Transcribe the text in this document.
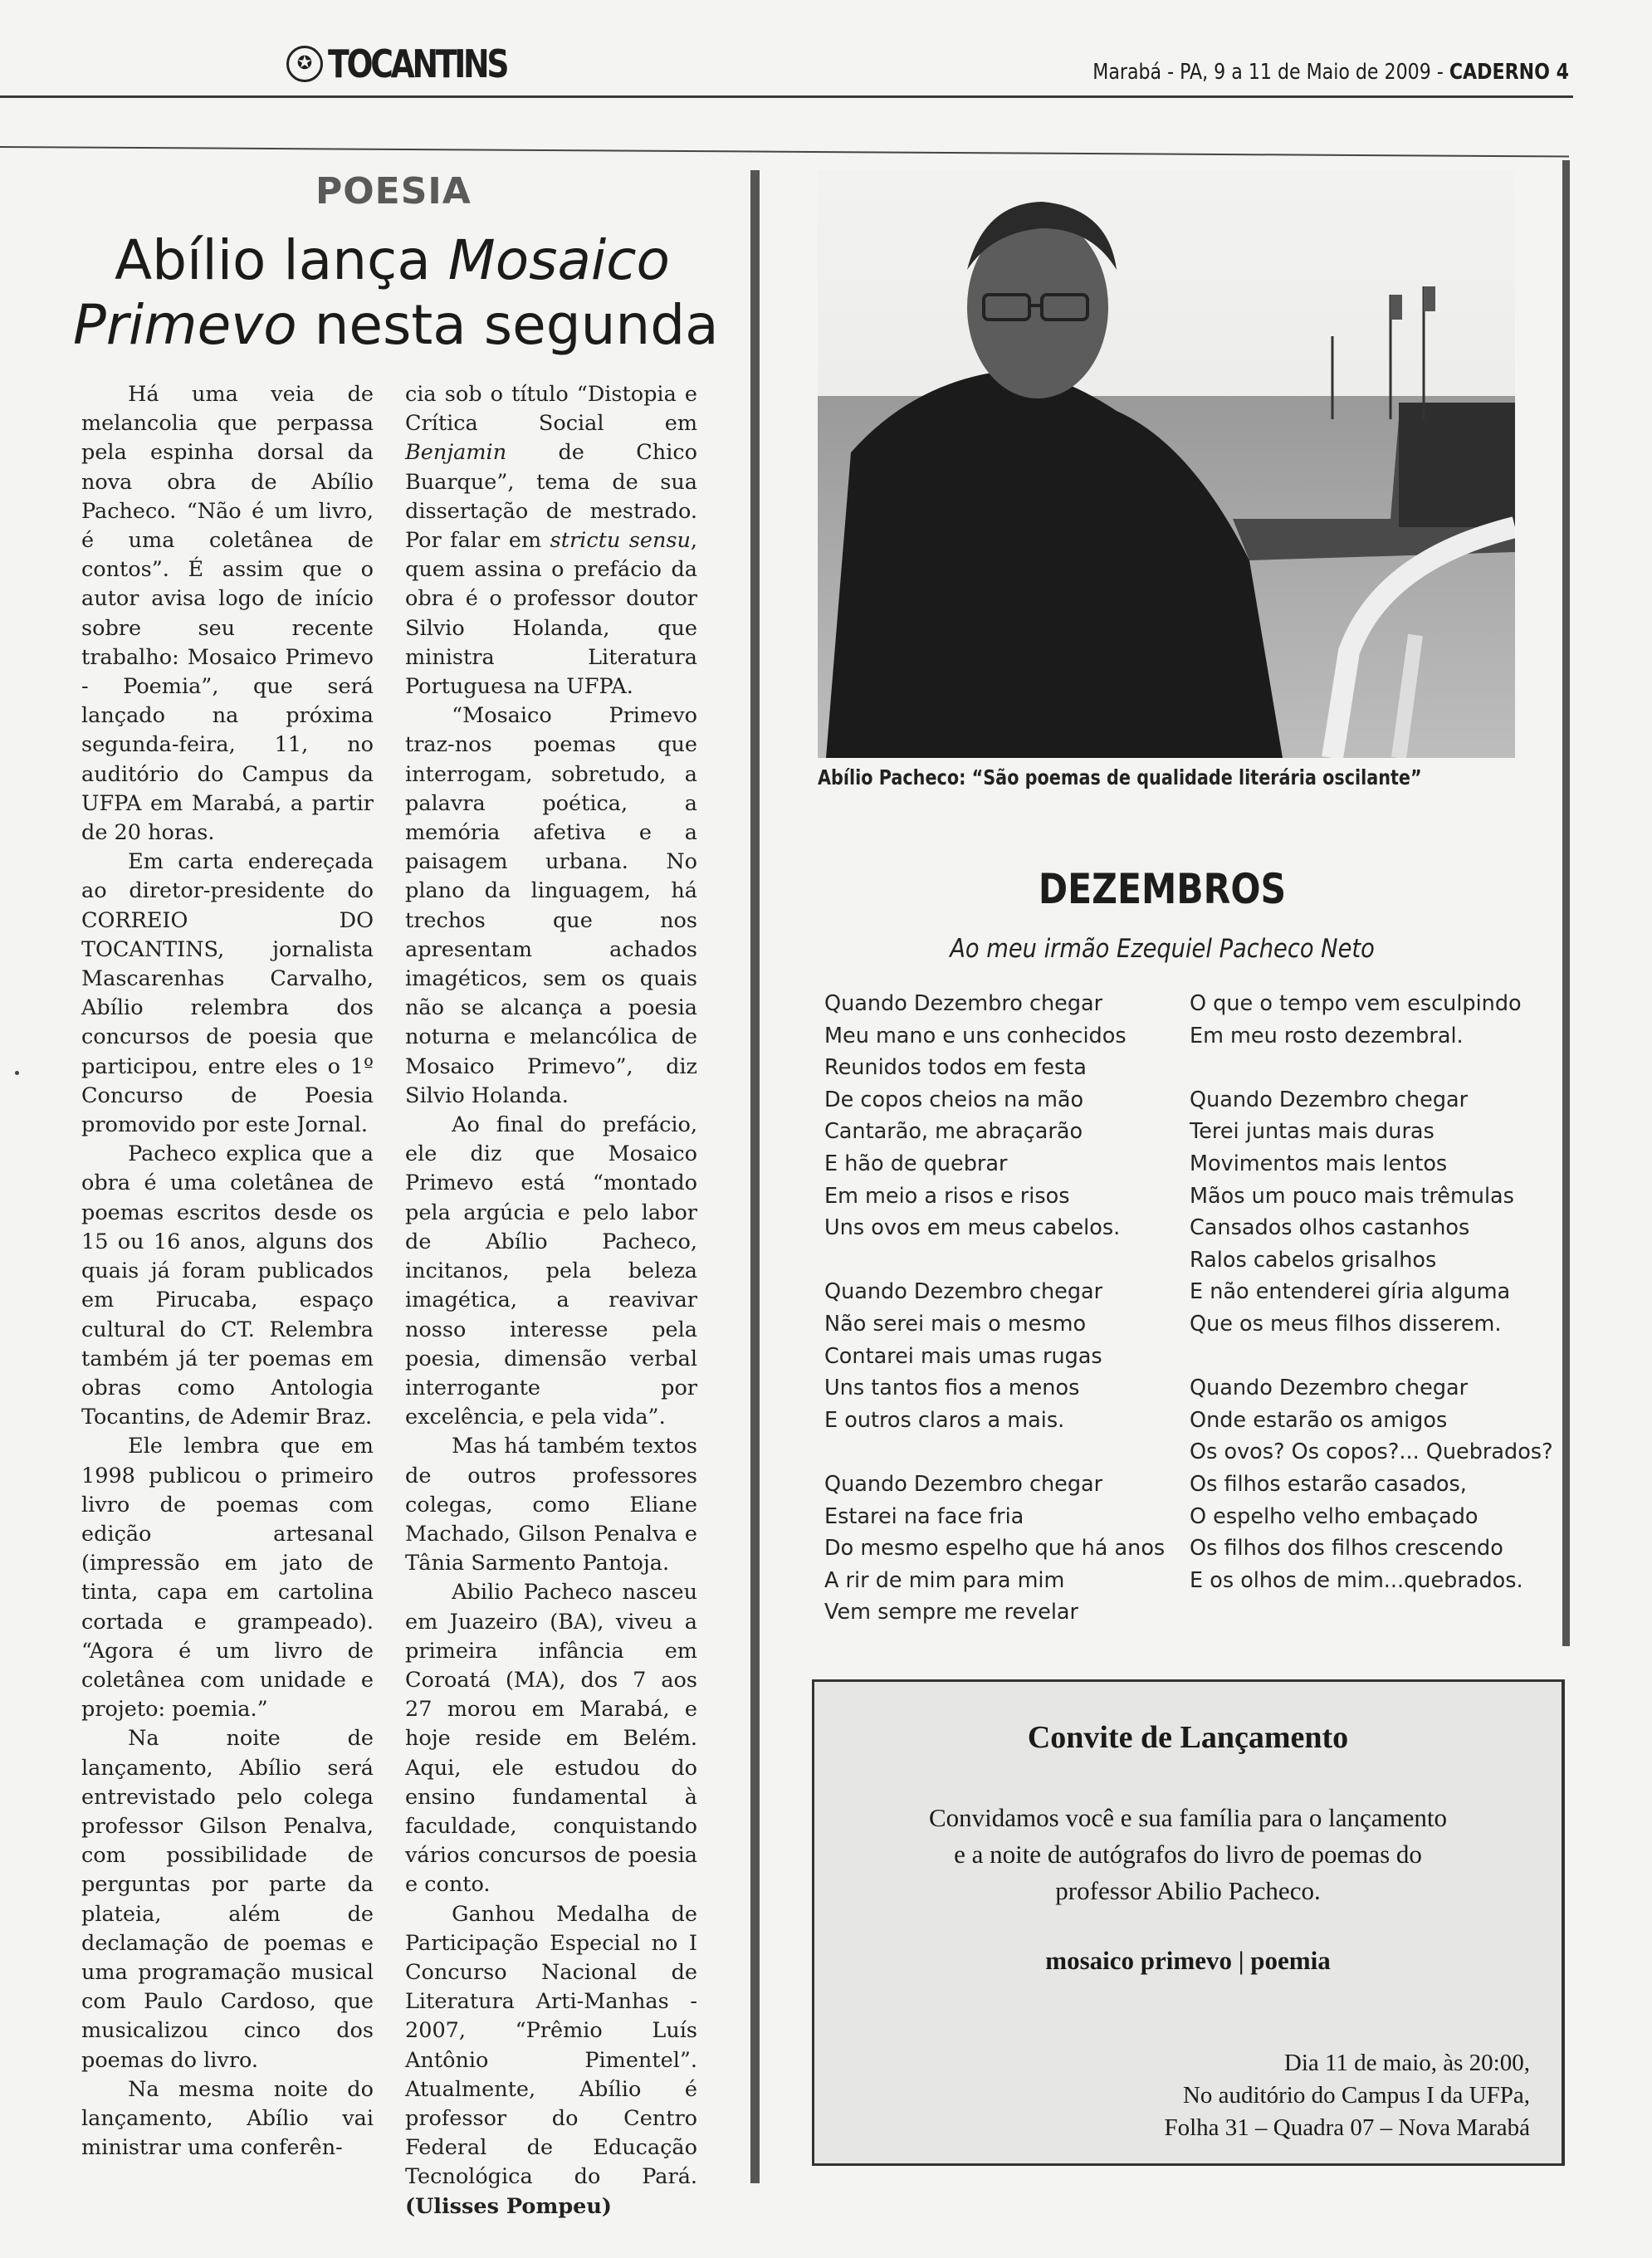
✪ TOCANTINS	Marabá - PA, 9 a 11 de Maio de 2009 - CADERNO 4
POESIA
Abílio lança Mosaico
Primevo nesta segunda

Há uma veia de melancolia que perpassa pela espinha dorsal da nova obra de Abílio Pacheco. “Não é um livro, é uma coletânea de contos”. É assim que o autor avisa logo de início sobre seu recente trabalho: Mosaico Primevo - Poemia”, que será lançado na próxima segunda-feira, 11, no auditório do Campus da UFPA em Marabá, a partir de 20 horas.

Em carta endereçada ao diretor-presidente do CORREIO DO TOCANTINS, jornalista Mascarenhas Carvalho, Abílio relembra dos concursos de poesia que participou, entre eles o 1º Concurso de Poesia promovido por este Jornal.

Pacheco explica que a obra é uma coletânea de poemas escritos desde os 15 ou 16 anos, alguns dos quais já foram publicados em Pirucaba, espaço cultural do CT. Relembra também já ter poemas em obras como Antologia Tocantins, de Ademir Braz.

Ele lembra que em 1998 publicou o primeiro livro de poemas com edição artesanal (impressão em jato de tinta, capa em cartolina cortada e grampeado). “Agora é um livro de coletânea com unidade e projeto: poemia.”

Na noite de lançamento, Abílio será entrevistado pelo colega professor Gilson Penalva, com possibilidade de perguntas por parte da plateia, além de declamação de poemas e uma programação musical com Paulo Cardoso, que musicalizou cinco dos poemas do livro.

Na mesma noite do lançamento, Abílio vai ministrar uma conferên-

cia sob o título “Distopia e Crítica Social em Benjamin de Chico Buarque”, tema de sua dissertação de mestrado. Por falar em strictu sensu, quem assina o prefácio da obra é o professor doutor Silvio Holanda, que ministra Literatura Portuguesa na UFPA.

“Mosaico Primevo traz-nos poemas que interrogam, sobretudo, a palavra poética, a memória afetiva e a paisagem urbana. No plano da linguagem, há trechos que nos apresentam achados imagéticos, sem os quais não se alcança a poesia noturna e melancólica de Mosaico Primevo”, diz Silvio Holanda.

Ao final do prefácio, ele diz que Mosaico Primevo está “montado pela argúcia e pelo labor de Abílio Pacheco, incitanos, pela beleza imagética, a reavivar nosso interesse pela poesia, dimensão verbal interrogante por excelência, e pela vida”.

Mas há também textos de outros professores colegas, como Eliane Machado, Gilson Penalva e Tânia Sarmento Pantoja.

Abilio Pacheco nasceu em Juazeiro (BA), viveu a primeira infância em Coroatá (MA), dos 7 aos 27 morou em Marabá, e hoje reside em Belém. Aqui, ele estudou do ensino fundamental à faculdade, conquistando vários concursos de poesia e conto.

Ganhou Medalha de Participação Especial no I Concurso Nacional de Literatura Arti-Manhas - 2007, “Prêmio Luís Antônio Pimentel”. Atualmente, Abílio é professor do Centro Federal de Educação Tecnológica do Pará. (Ulisses Pompeu)

Abílio Pacheco: “São poemas de qualidade literária oscilante”
DEZEMBROS
Ao meu irmão Ezequiel Pacheco Neto
Quando Dezembro chegar
Meu mano e uns conhecidos
Reunidos todos em festa
De copos cheios na mão
Cantarão, me abraçarão
E hão de quebrar
Em meio a risos e risos
Uns ovos em meus cabelos.
Quando Dezembro chegar
Não serei mais o mesmo
Contarei mais umas rugas
Uns tantos fios a menos
E outros claros a mais.
Quando Dezembro chegar
Estarei na face fria
Do mesmo espelho que há anos
A rir de mim para mim
Vem sempre me revelar
O que o tempo vem esculpindo
Em meu rosto dezembral.
Quando Dezembro chegar
Terei juntas mais duras
Movimentos mais lentos
Mãos um pouco mais trêmulas
Cansados olhos castanhos
Ralos cabelos grisalhos
E não entenderei gíria alguma
Que os meus filhos disserem.
Quando Dezembro chegar
Onde estarão os amigos
Os ovos? Os copos?... Quebrados?
Os filhos estarão casados,
O espelho velho embaçado
Os filhos dos filhos crescendo
E os olhos de mim...quebrados.
Convite de Lançamento
Convidamos você e sua família para o lançamento
e a noite de autógrafos do livro de poemas do
professor Abilio Pacheco.
mosaico primevo | poemia
Dia 11 de maio, às 20:00,
No auditório do Campus I da UFPa,
Folha 31 – Quadra 07 – Nova Marabá
